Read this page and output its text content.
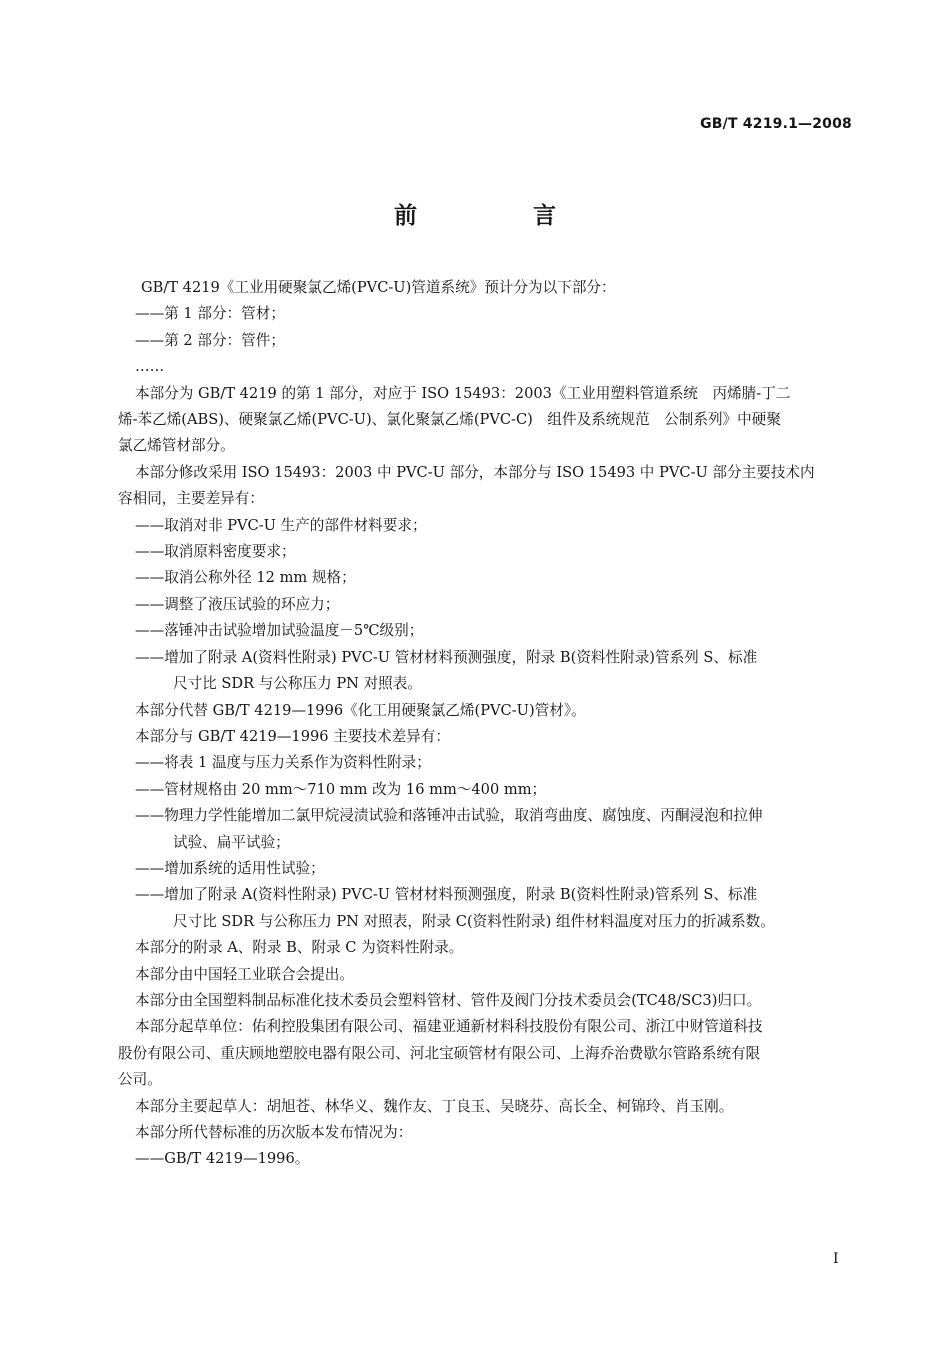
GB/T 4219.1—2008
前 言
GB/T 4219《工业用硬聚氯乙烯(PVC-U)管道系统》预计分为以下部分：
——第 1 部分：管材；
——第 2 部分：管件；
……
本部分为 GB/T 4219 的第 1 部分，对应于 ISO 15493：2003《工业用塑料管道系统　丙烯腈-丁二
烯-苯乙烯(ABS)、硬聚氯乙烯(PVC-U)、氯化聚氯乙烯(PVC-C)　组件及系统规范　公制系列》中硬聚
氯乙烯管材部分。
本部分修改采用 ISO 15493：2003 中 PVC-U 部分，本部分与 ISO 15493 中 PVC-U 部分主要技术内
容相同，主要差异有：
——取消对非 PVC-U 生产的部件材料要求；
——取消原料密度要求；
——取消公称外径 12 mm 规格；
——调整了液压试验的环应力；
——落锤冲击试验增加试验温度－5℃级别；
——增加了附录 A(资料性附录) PVC-U 管材材料预测强度，附录 B(资料性附录)管系列 S、标准
尺寸比 SDR 与公称压力 PN 对照表。
本部分代替 GB/T 4219—1996《化工用硬聚氯乙烯(PVC-U)管材》。
本部分与 GB/T 4219—1996 主要技术差异有：
——将表 1 温度与压力关系作为资料性附录；
——管材规格由 20 mm～710 mm 改为 16 mm～400 mm；
——物理力学性能增加二氯甲烷浸渍试验和落锤冲击试验，取消弯曲度、腐蚀度、丙酮浸泡和拉伸
试验、扁平试验；
——增加系统的适用性试验；
——增加了附录 A(资料性附录) PVC-U 管材材料预测强度，附录 B(资料性附录)管系列 S、标准
尺寸比 SDR 与公称压力 PN 对照表，附录 C(资料性附录) 组件材料温度对压力的折减系数。
本部分的附录 A、附录 B、附录 C 为资料性附录。
本部分由中国轻工业联合会提出。
本部分由全国塑料制品标准化技术委员会塑料管材、管件及阀门分技术委员会(TC48/SC3)归口。
本部分起草单位：佑利控股集团有限公司、福建亚通新材料科技股份有限公司、浙江中财管道科技
股份有限公司、重庆顾地塑胶电器有限公司、河北宝硕管材有限公司、上海乔治费歇尔管路系统有限
公司。
本部分主要起草人：胡旭苍、林华义、魏作友、丁良玉、吴晓芬、高长全、柯锦玲、肖玉刚。
本部分所代替标准的历次版本发布情况为：
——GB/T 4219—1996。
I
